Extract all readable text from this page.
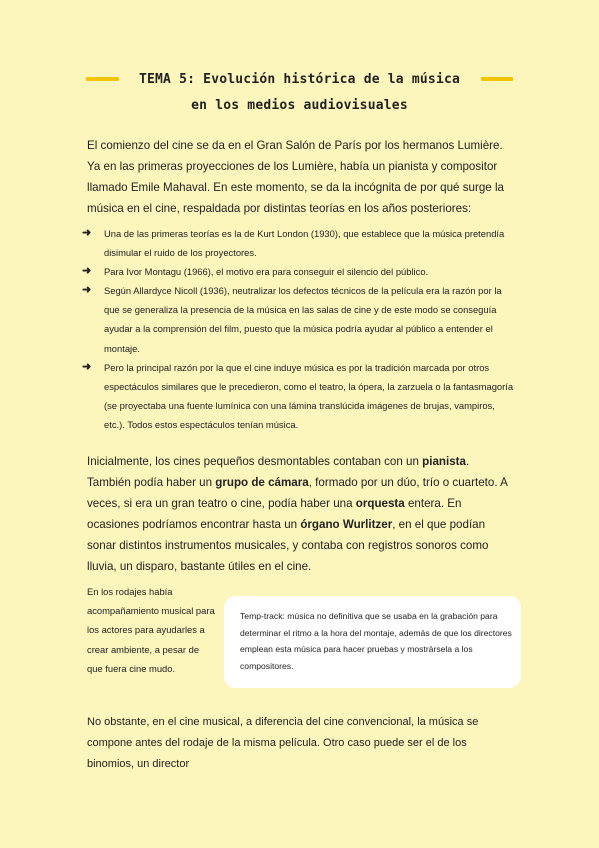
TEMA 5: Evolución histórica de la música
en los medios audiovisuales

El comienzo del cine se da en el Gran Salón de París por los hermanos Lumière. Ya en las primeras proyecciones de los Lumière, había un pianista y compositor llamado Emile Mahaval. En este momento, se da la incógnita de por qué surge la música en el cine, respaldada por distintas teorías en los años posteriores:

➜ Una de las primeras teorías es la de Kurt London (1930), que establece que la música pretendía disimular el ruido de los proyectores.
➜ Para Ivor Montagu (1966), el motivo era para conseguir el silencio del público.
➜ Según Allardyce Nicoll (1936), neutralizar los defectos técnicos de la película era la razón por la que se generaliza la presencia de la música en las salas de cine y de este modo se conseguía ayudar a la comprensión del film, puesto que la música podría ayudar al público a entender el montaje.
➜ Pero la principal razón por la que el cine induye música es por la tradición marcada por otros espectáculos similares que le precedieron, como el teatro, la ópera, la zarzuela o la fantasmagoría (se proyectaba una fuente lumínica con una lámina translúcida imágenes de brujas, vampiros, etc.). Todos estos espectáculos tenían música.

Inicialmente, los cines pequeños desmontables contaban con un pianista. También podía haber un grupo de cámara, formado por un dúo, trío o cuarteto. A veces, si era un gran teatro o cine, podía haber una orquesta entera. En ocasiones podríamos encontrar hasta un órgano Wurlitzer, en el que podían sonar distintos instrumentos musicales, y contaba con registros sonoros como lluvia, un disparo, bastante útiles en el cine.

En los rodajes había acompañamiento musical para los actores para ayudarles a crear ambiente, a pesar de que fuera cine mudo.
Temp-track: música no definitiva que se usaba en la grabación para determinar el ritmo a la hora del montaje, además de que los directores emplean esta música para hacer pruebas y mostrársela a los compositores.

No obstante, en el cine musical, a diferencia del cine convencional, la música se compone antes del rodaje de la misma película. Otro caso puede ser el de los binomios, un director
